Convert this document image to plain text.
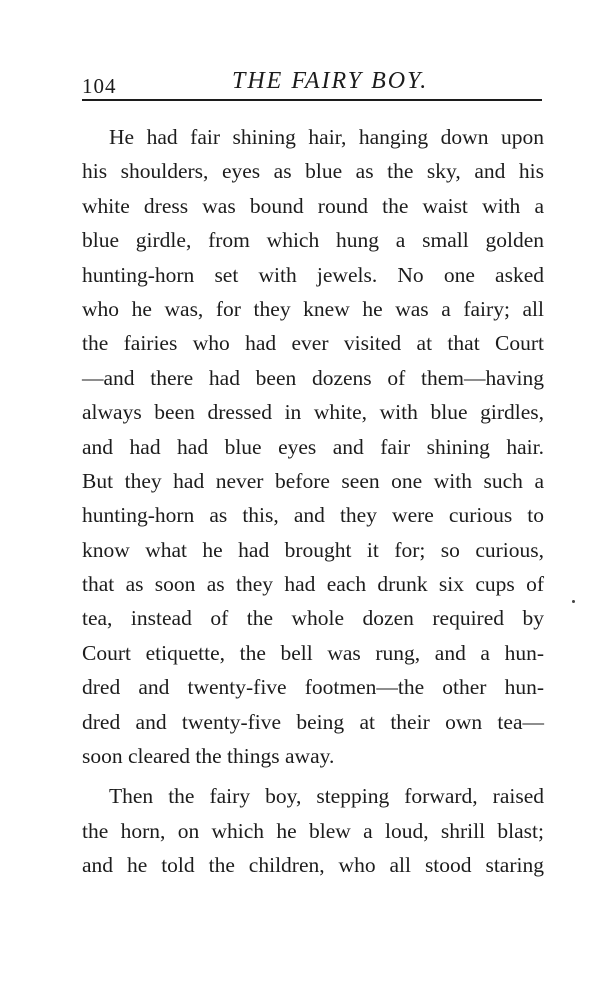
104	THE FAIRY BOY.
He had fair shining hair, hanging down upon
his shoulders, eyes as blue as the sky, and his
white dress was bound round the waist with a
blue girdle, from which hung a small golden
hunting-horn set with jewels. No one asked
who he was, for they knew he was a fairy; all
the fairies who had ever visited at that Court
—and there had been dozens of them—having
always been dressed in white, with blue girdles,
and had had blue eyes and fair shining hair.
But they had never before seen one with such a
hunting-horn as this, and they were curious to
know what he had brought it for; so curious,
that as soon as they had each drunk six cups of
tea, instead of the whole dozen required by
Court etiquette, the bell was rung, and a hun-
dred and twenty-five footmen—the other hun-
dred and twenty-five being at their own tea—
soon cleared the things away.
Then the fairy boy, stepping forward, raised
the horn, on which he blew a loud, shrill blast;
and he told the children, who all stood staring
